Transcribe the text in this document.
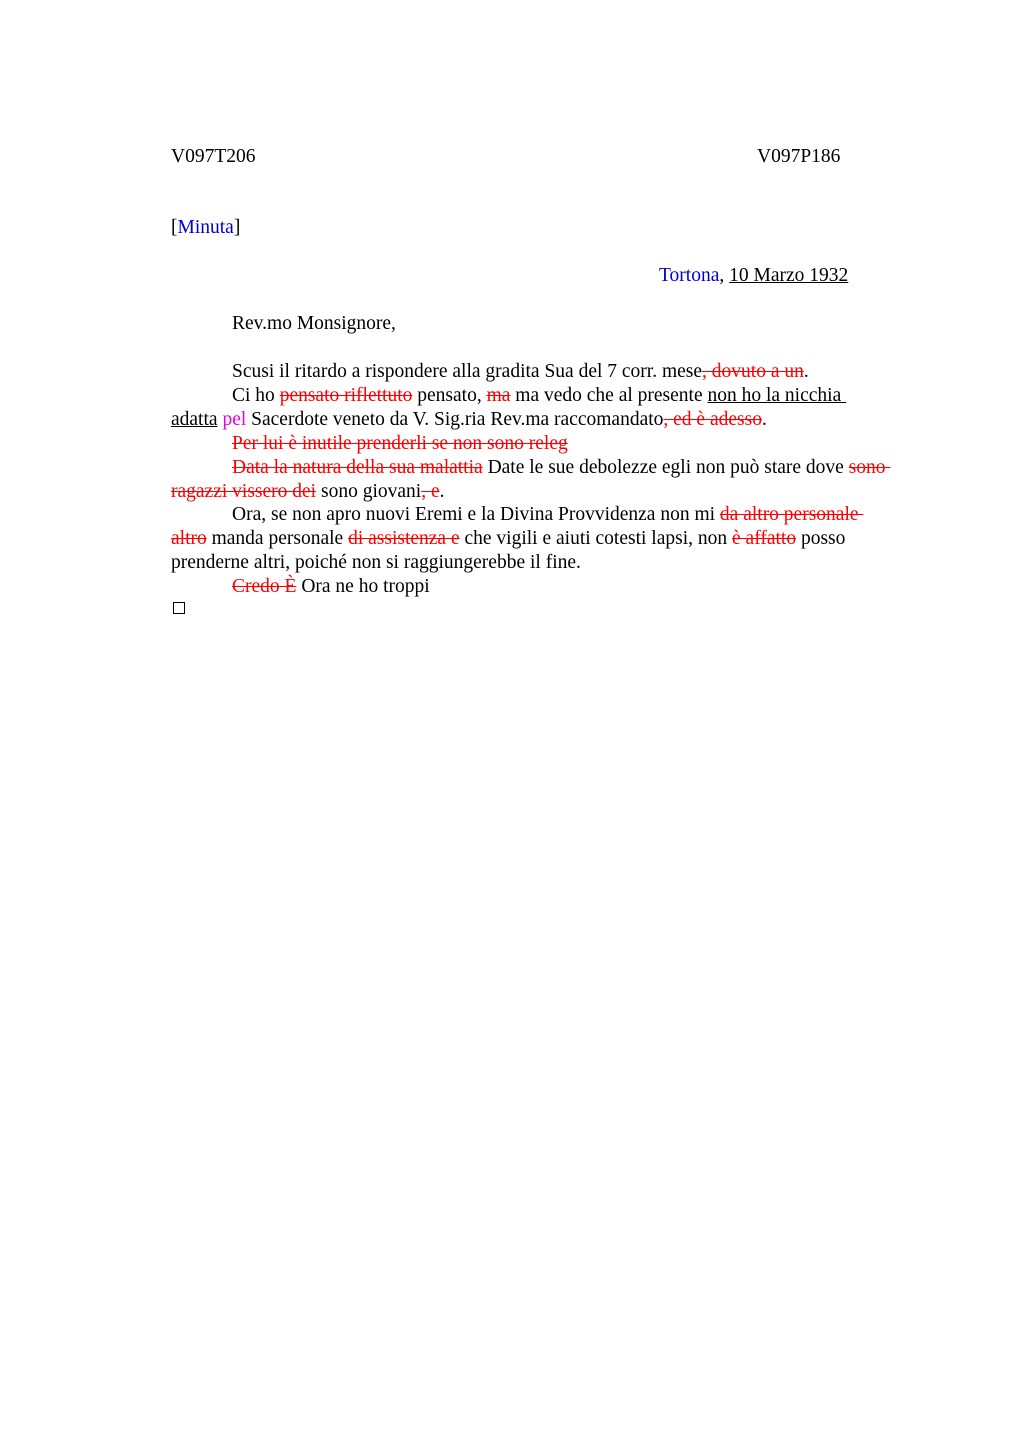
V097T206	V097P186
[Minuta]
Tortona, 10 Marzo 1932
Rev.mo Monsignore,
Scusi il ritardo a rispondere alla gradita Sua del 7 corr. mese, dovuto a un.
Ci ho pensato riflettuto pensato, ma ma vedo che al presente non ho la nicchia
adatta pel Sacerdote veneto da V. Sig.ria Rev.ma raccomandato, ed è adesso.
Per lui è inutile prenderli se non sono releg
Data la natura della sua malattia Date le sue debolezze egli non può stare dove sono
ragazzi vissero dei sono giovani, e.
Ora, se non apro nuovi Eremi e la Divina Provvidenza non mi da altro personale
altro manda personale di assistenza e che vigili e aiuti cotesti lapsi, non è affatto posso
prenderne altri, poiché non si raggiungerebbe il fine.
Credo È Ora ne ho troppi
